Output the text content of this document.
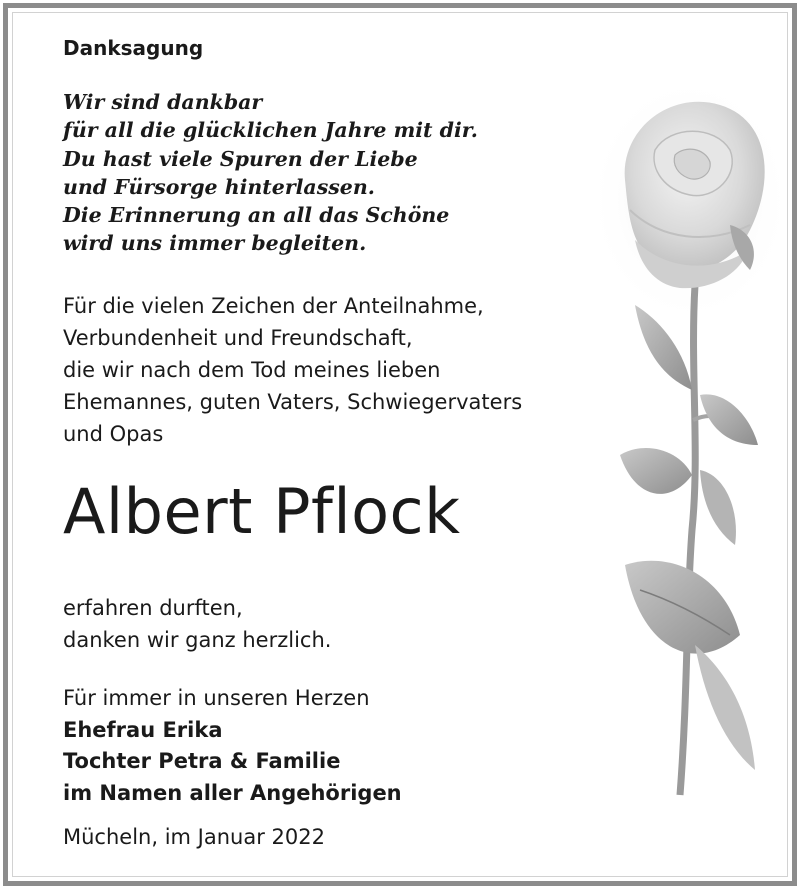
Danksagung
Wir sind dankbar
für all die glücklichen Jahre mit dir.
Du hast viele Spuren der Liebe
und Fürsorge hinterlassen.
Die Erinnerung an all das Schöne
wird uns immer begleiten.
Für die vielen Zeichen der Anteilnahme,
Verbundenheit und Freundschaft,
die wir nach dem Tod meines lieben
Ehemannes, guten Vaters, Schwiegervaters
und Opas
Albert Pflock
erfahren durften,
danken wir ganz herzlich.
Für immer in unseren Herzen
Ehefrau Erika
Tochter Petra & Familie
im Namen aller Angehörigen
Mücheln, im Januar 2022
